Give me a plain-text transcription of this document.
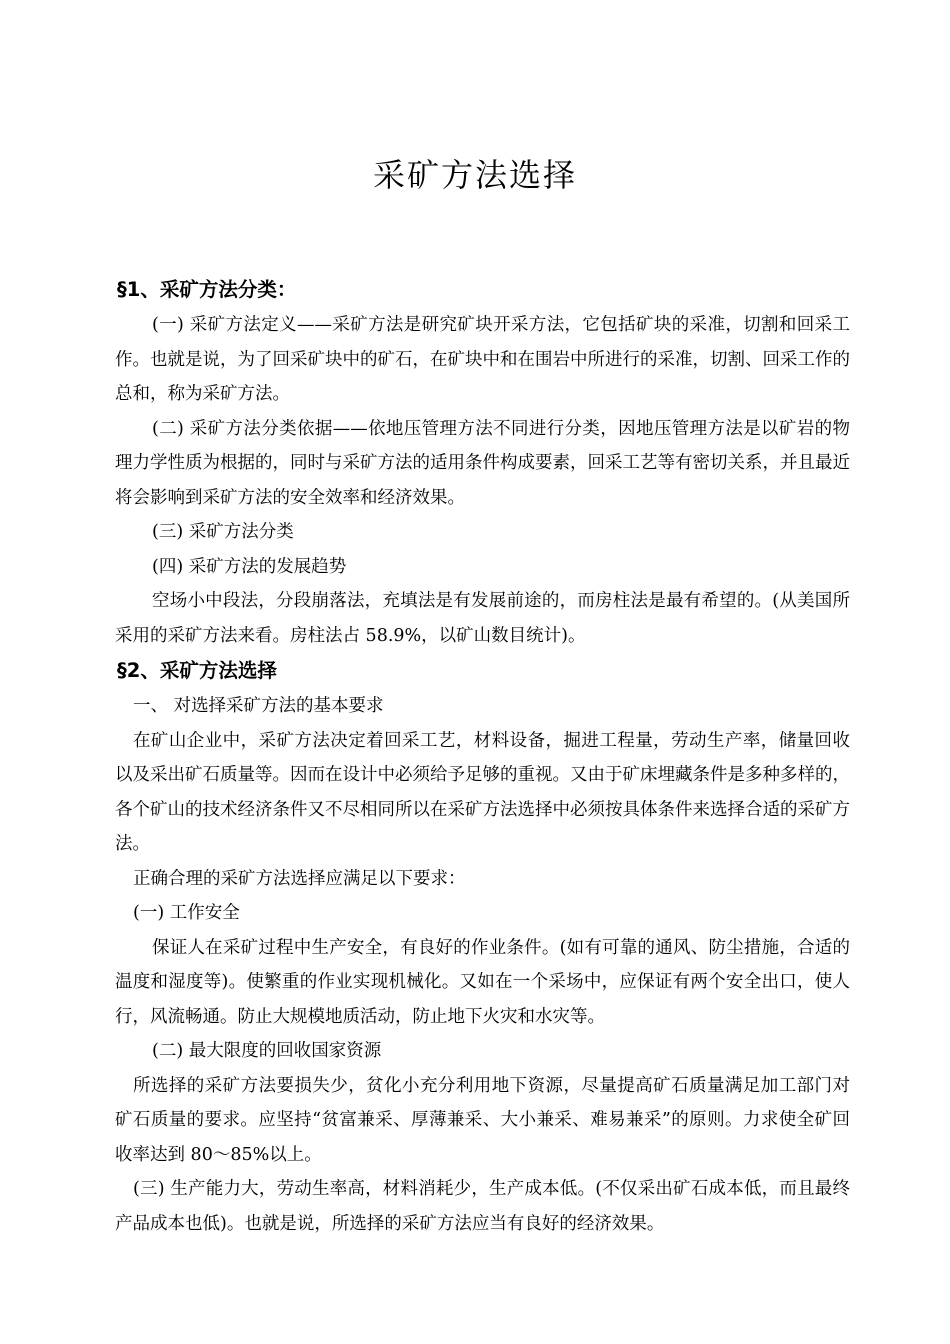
采矿方法选择

§1、采矿方法分类：

(一) 采矿方法定义——采矿方法是研究矿块开采方法，它包括矿块的采准，切割和回采工作。也就是说，为了回采矿块中的矿石，在矿块中和在围岩中所进行的采准，切割、回采工作的总和，称为采矿方法。

(二) 采矿方法分类依据——依地压管理方法不同进行分类，因地压管理方法是以矿岩的物理力学性质为根据的，同时与采矿方法的适用条件构成要素，回采工艺等有密切关系，并且最近将会影响到采矿方法的安全效率和经济效果。

(三) 采矿方法分类

(四) 采矿方法的发展趋势

空场小中段法，分段崩落法，充填法是有发展前途的，而房柱法是最有希望的。(从美国所采用的采矿方法来看。房柱法占 58.9%，以矿山数目统计)。

§2、采矿方法选择

一、 对选择采矿方法的基本要求

在矿山企业中，采矿方法决定着回采工艺，材料设备，掘进工程量，劳动生产率，储量回收以及采出矿石质量等。因而在设计中必须给予足够的重视。又由于矿床埋藏条件是多种多样的，各个矿山的技术经济条件又不尽相同所以在采矿方法选择中必须按具体条件来选择合适的采矿方法。

正确合理的采矿方法选择应满足以下要求：

(一) 工作安全

保证人在采矿过程中生产安全，有良好的作业条件。(如有可靠的通风、防尘措施，合适的温度和湿度等)。使繁重的作业实现机械化。又如在一个采场中，应保证有两个安全出口，使人行，风流畅通。防止大规模地质活动，防止地下火灾和水灾等。

(二) 最大限度的回收国家资源

所选择的采矿方法要损失少，贫化小充分利用地下资源，尽量提高矿石质量满足加工部门对矿石质量的要求。应坚持“贫富兼采、厚薄兼采、大小兼采、难易兼采”的原则。力求使全矿回收率达到 80～85%以上。

(三) 生产能力大，劳动生率高，材料消耗少，生产成本低。(不仅采出矿石成本低，而且最终产品成本也低)。也就是说，所选择的采矿方法应当有良好的经济效果。
